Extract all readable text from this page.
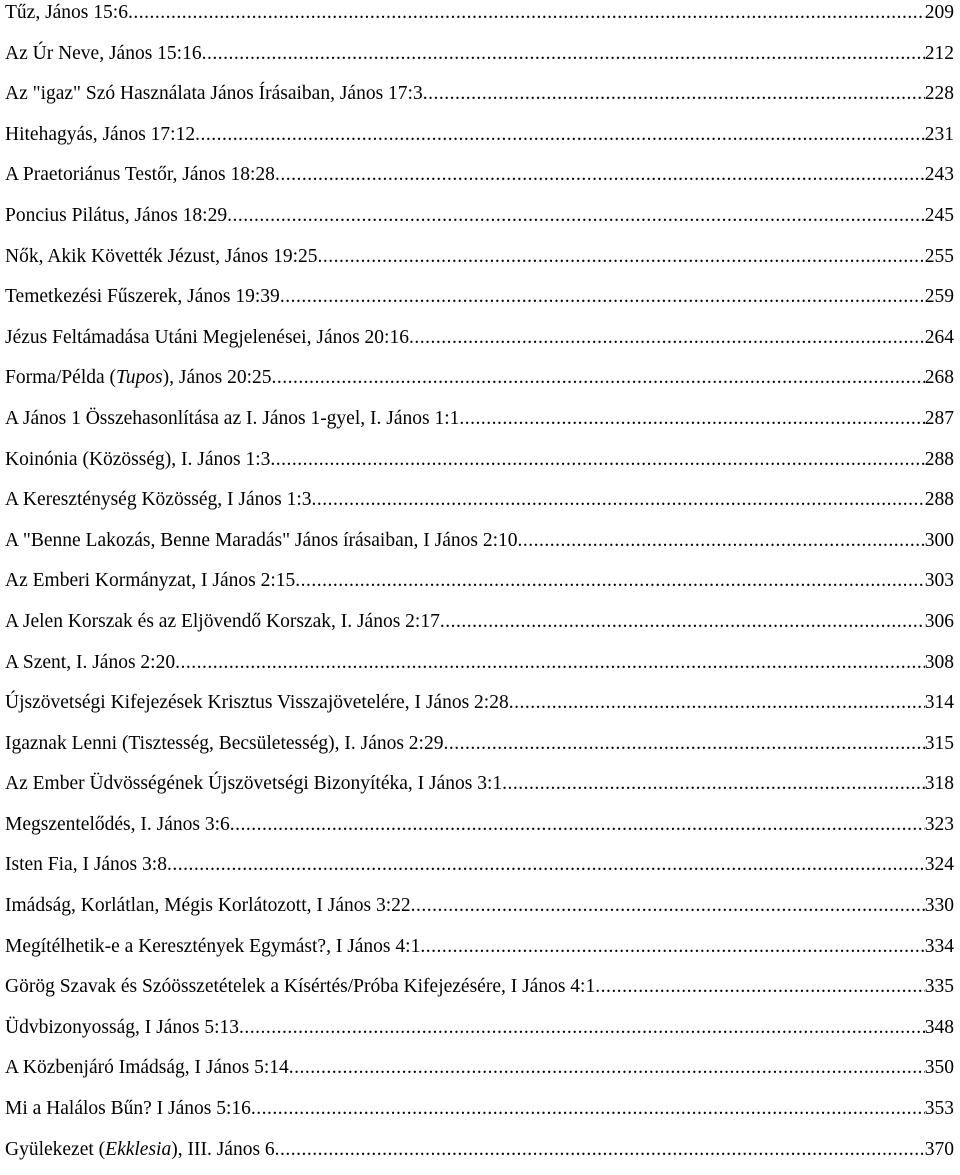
Tűz, János 15:6 .....	209
Az Úr Neve, János 15:16 .....	212
Az "igaz" Szó Használata János Írásaiban, János 17:3 .....	228
Hitehagyás, János 17:12 .....	231
A Praetoriánus Testőr, János 18:28 .....	243
Poncius Pilátus, János 18:29 .....	245
Nők, Akik Követték Jézust, János 19:25 .....	255
Temetkezési Fűszerek, János 19:39 .....	259
Jézus Feltámadása Utáni Megjelenései, János 20:16 .....	264
Forma/Példa (Tupos), János 20:25 .....	268
A János 1 Összehasonlítása az I. János 1-gyel, I. János 1:1 .....	287
Koinónia (Közösség), I. János 1:3 .....	288
A Kereszténység Közösség, I János 1:3 .....	288
A "Benne Lakozás, Benne Maradás" János írásaiban, I János 2:10 .....	300
Az Emberi Kormányzat, I János 2:15 .....	303
A Jelen Korszak és az Eljövendő Korszak, I. János 2:17 .....	306
A Szent, I. János 2:20 .....	308
Újszövetségi Kifejezések Krisztus Visszajövetelére, I János 2:28 .....	314
Igaznak Lenni (Tisztesség, Becsületesség), I. János 2:29 .....	315
Az Ember Üdvösségének Újszövetségi Bizonyítéka, I János 3:1 .....	318
Megszentelődés, I. János 3:6 .....	323
Isten Fia, I János 3:8 .....	324
Imádság, Korlátlan, Mégis Korlátozott, I János 3:22 .....	330
Megítélhetik-e a Keresztények Egymást?, I János 4:1 .....	334
Görög Szavak és Szóösszetételek a Kísértés/Próba Kifejezésére, I János 4:1 .....	335
Üdvbizonyosság, I János 5:13 .....	348
A Közbenjáró Imádság, I János 5:14 .....	350
Mi a Halálos Bűn? I János 5:16 .....	353
Gyülekezet (Ekklesia), III. János 6 .....	370
